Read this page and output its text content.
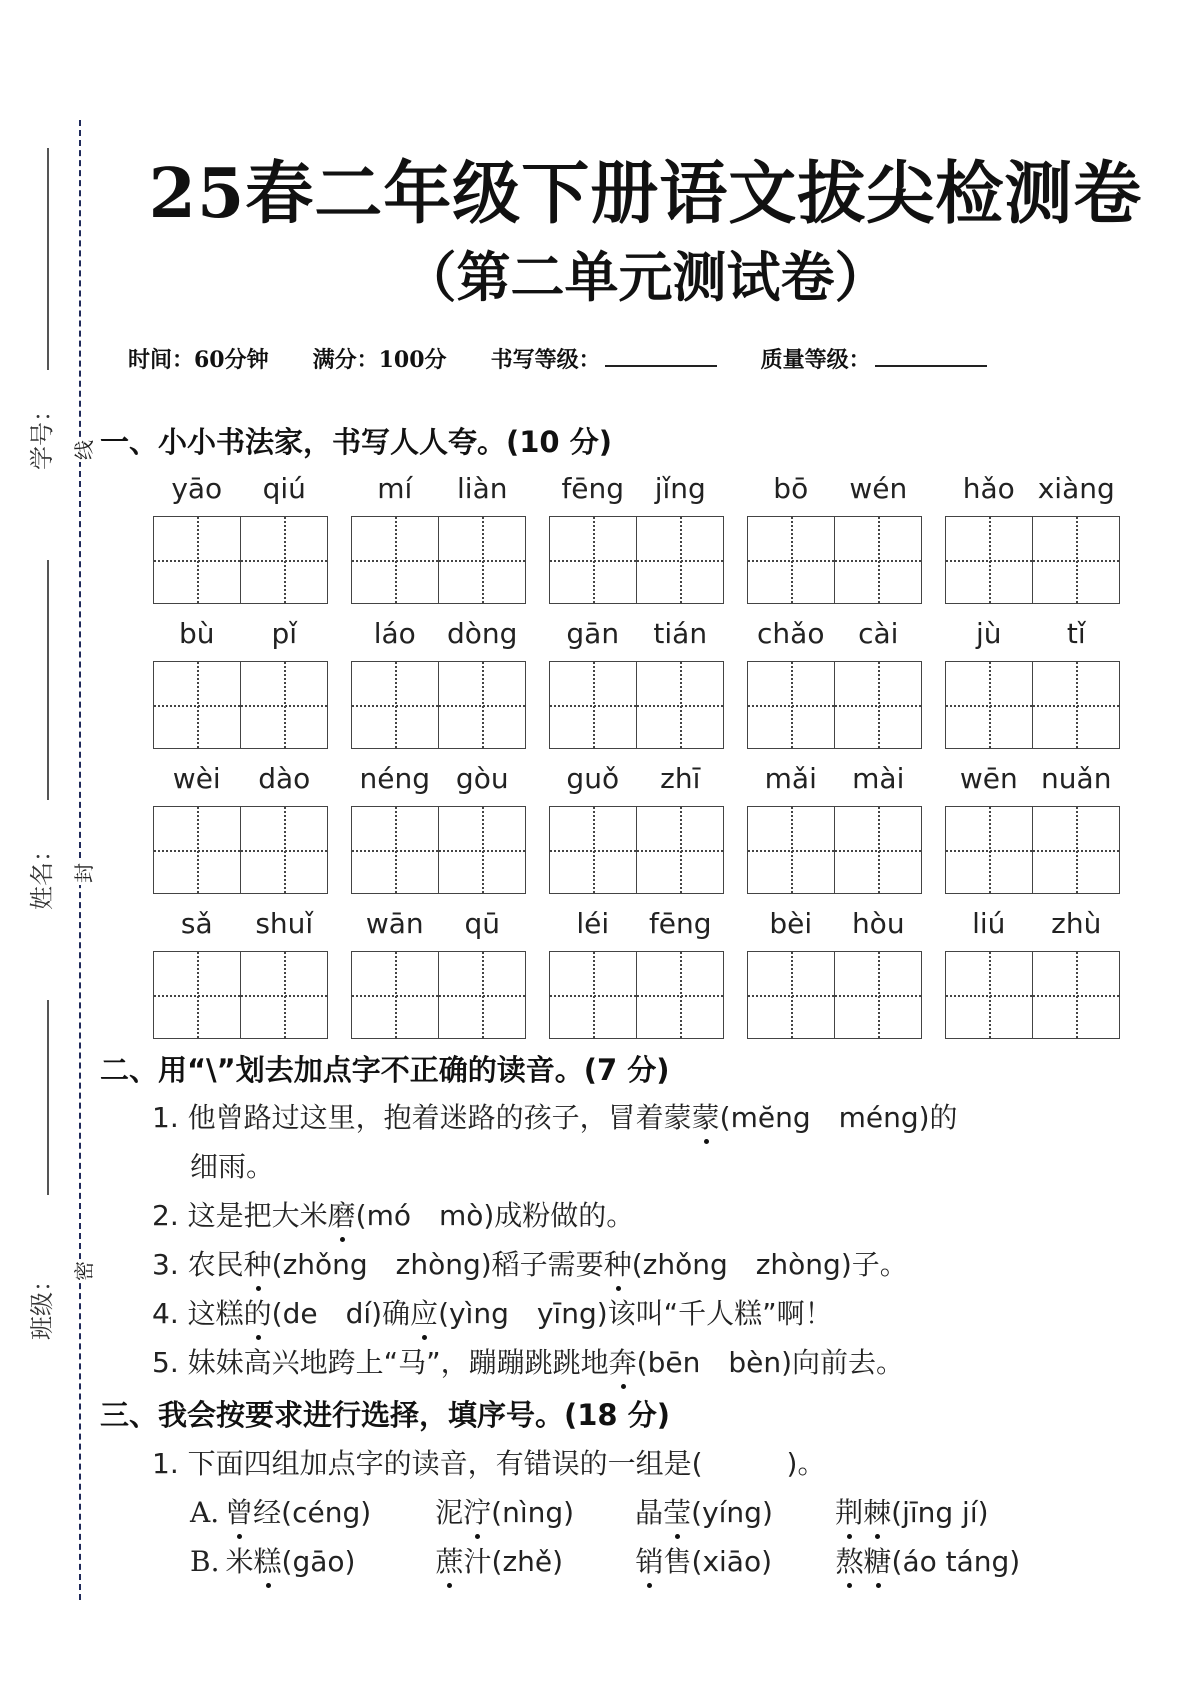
学号：
姓名：
班级：
线
封
密
25春二年级下册语文拔尖检测卷
（第二单元测试卷）
时间：60分钟 满分：100分 书写等级：	质量等级：
一、小小书法家，书写人人夸。(10 分)
yāo	qiú	mí	liàn	fēng	jǐng	bō	wén	hǎo xiàng
bù	pǐ	láo	dòng	gān	tián	chǎo	cài	jù	tǐ
wèi	dào	néng gòu	guǒ	zhī	mǎi	mài	wēn nuǎn
sǎ	shuǐ	wān	qū	léi	fēng	bèi	hòu	liú	zhù
二、用“\”划去加点字不正确的读音。(7 分)
1. 他曾路过这里，抱着迷路的孩子，冒着蒙蒙(mĕng　méng)的
细雨。
2. 这是把大米磨(mó　mò)成粉做的。
3. 农民种(zhǒng　zhòng)稻子需要种(zhǒng　zhòng)子。
4. 这糕的(de　dí)确应(yìng　yīng)该叫“千人糕”啊！
5. 妹妹高兴地跨上“马”，蹦蹦跳跳地奔(bēn　bèn)向前去。
三、我会按要求进行选择，填序号。(18 分)
1. 下面四组加点字的读音，有错误的一组是(　　　)。
A. 曾经(céng) 泥泞(nìng) 晶莹(yíng) 荆棘(jīng jí)
B. 米糕(gāo)	蔗汁(zhě)	销售(xiāo) 熬糖(áo táng)
